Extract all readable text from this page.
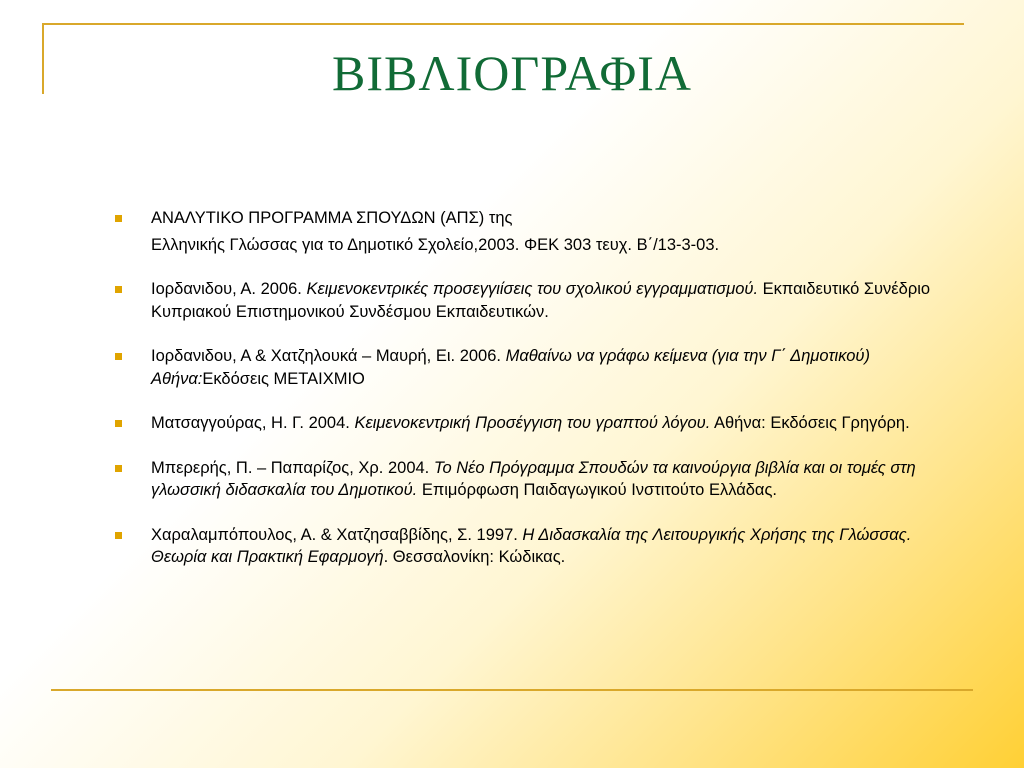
ΒΙΒΛΙΟΓΡΑΦΙΑ
ΑΝΑΛΥΤΙΚΟ ΠΡΟΓΡΑΜΜΑ ΣΠΟΥΔΩΝ (ΑΠΣ) της
Ελληνικής Γλώσσας για το Δημοτικό Σχολείο,2003. ΦΕΚ 303 τευχ. Β΄/13-3-03.
Ιορδανιδου, Α. 2006. Κειμενοκεντρικές προσεγγιίσεις του σχολικού εγγραμματισμού. Εκπαιδευτικό Συνέδριο Κυπριακού Επιστημονικού Συνδέσμου Εκπαιδευτικών.
Ιορδανιδου, Α & Χατζηλουκά – Μαυρή, Ει. 2006. Μαθαίνω να γράφω κείμενα (για την Γ΄ Δημοτικού) Αθήνα:Εκδόσεις ΜΕΤΑΙΧΜΙΟ
Ματσαγγούρας, Η. Γ. 2004. Κειμενοκεντρική Προσέγγιση του γραπτού λόγου. Αθήνα: Εκδόσεις Γρηγόρη.
Μπερερής, Π. – Παπαρίζος, Χρ. 2004. Το Νέο Πρόγραμμα Σπουδών τα καινούργια βιβλία και οι τομές στη γλωσσική διδασκαλία του Δημοτικού. Επιμόρφωση Παιδαγωγικού Ινστιτούτο Ελλάδας.
Χαραλαμπόπουλος, Α. & Χατζησαββίδης, Σ. 1997. Η Διδασκαλία της Λειτουργικής Χρήσης της Γλώσσας. Θεωρία και Πρακτική Εφαρμογή. Θεσσαλονίκη: Κώδικας.
